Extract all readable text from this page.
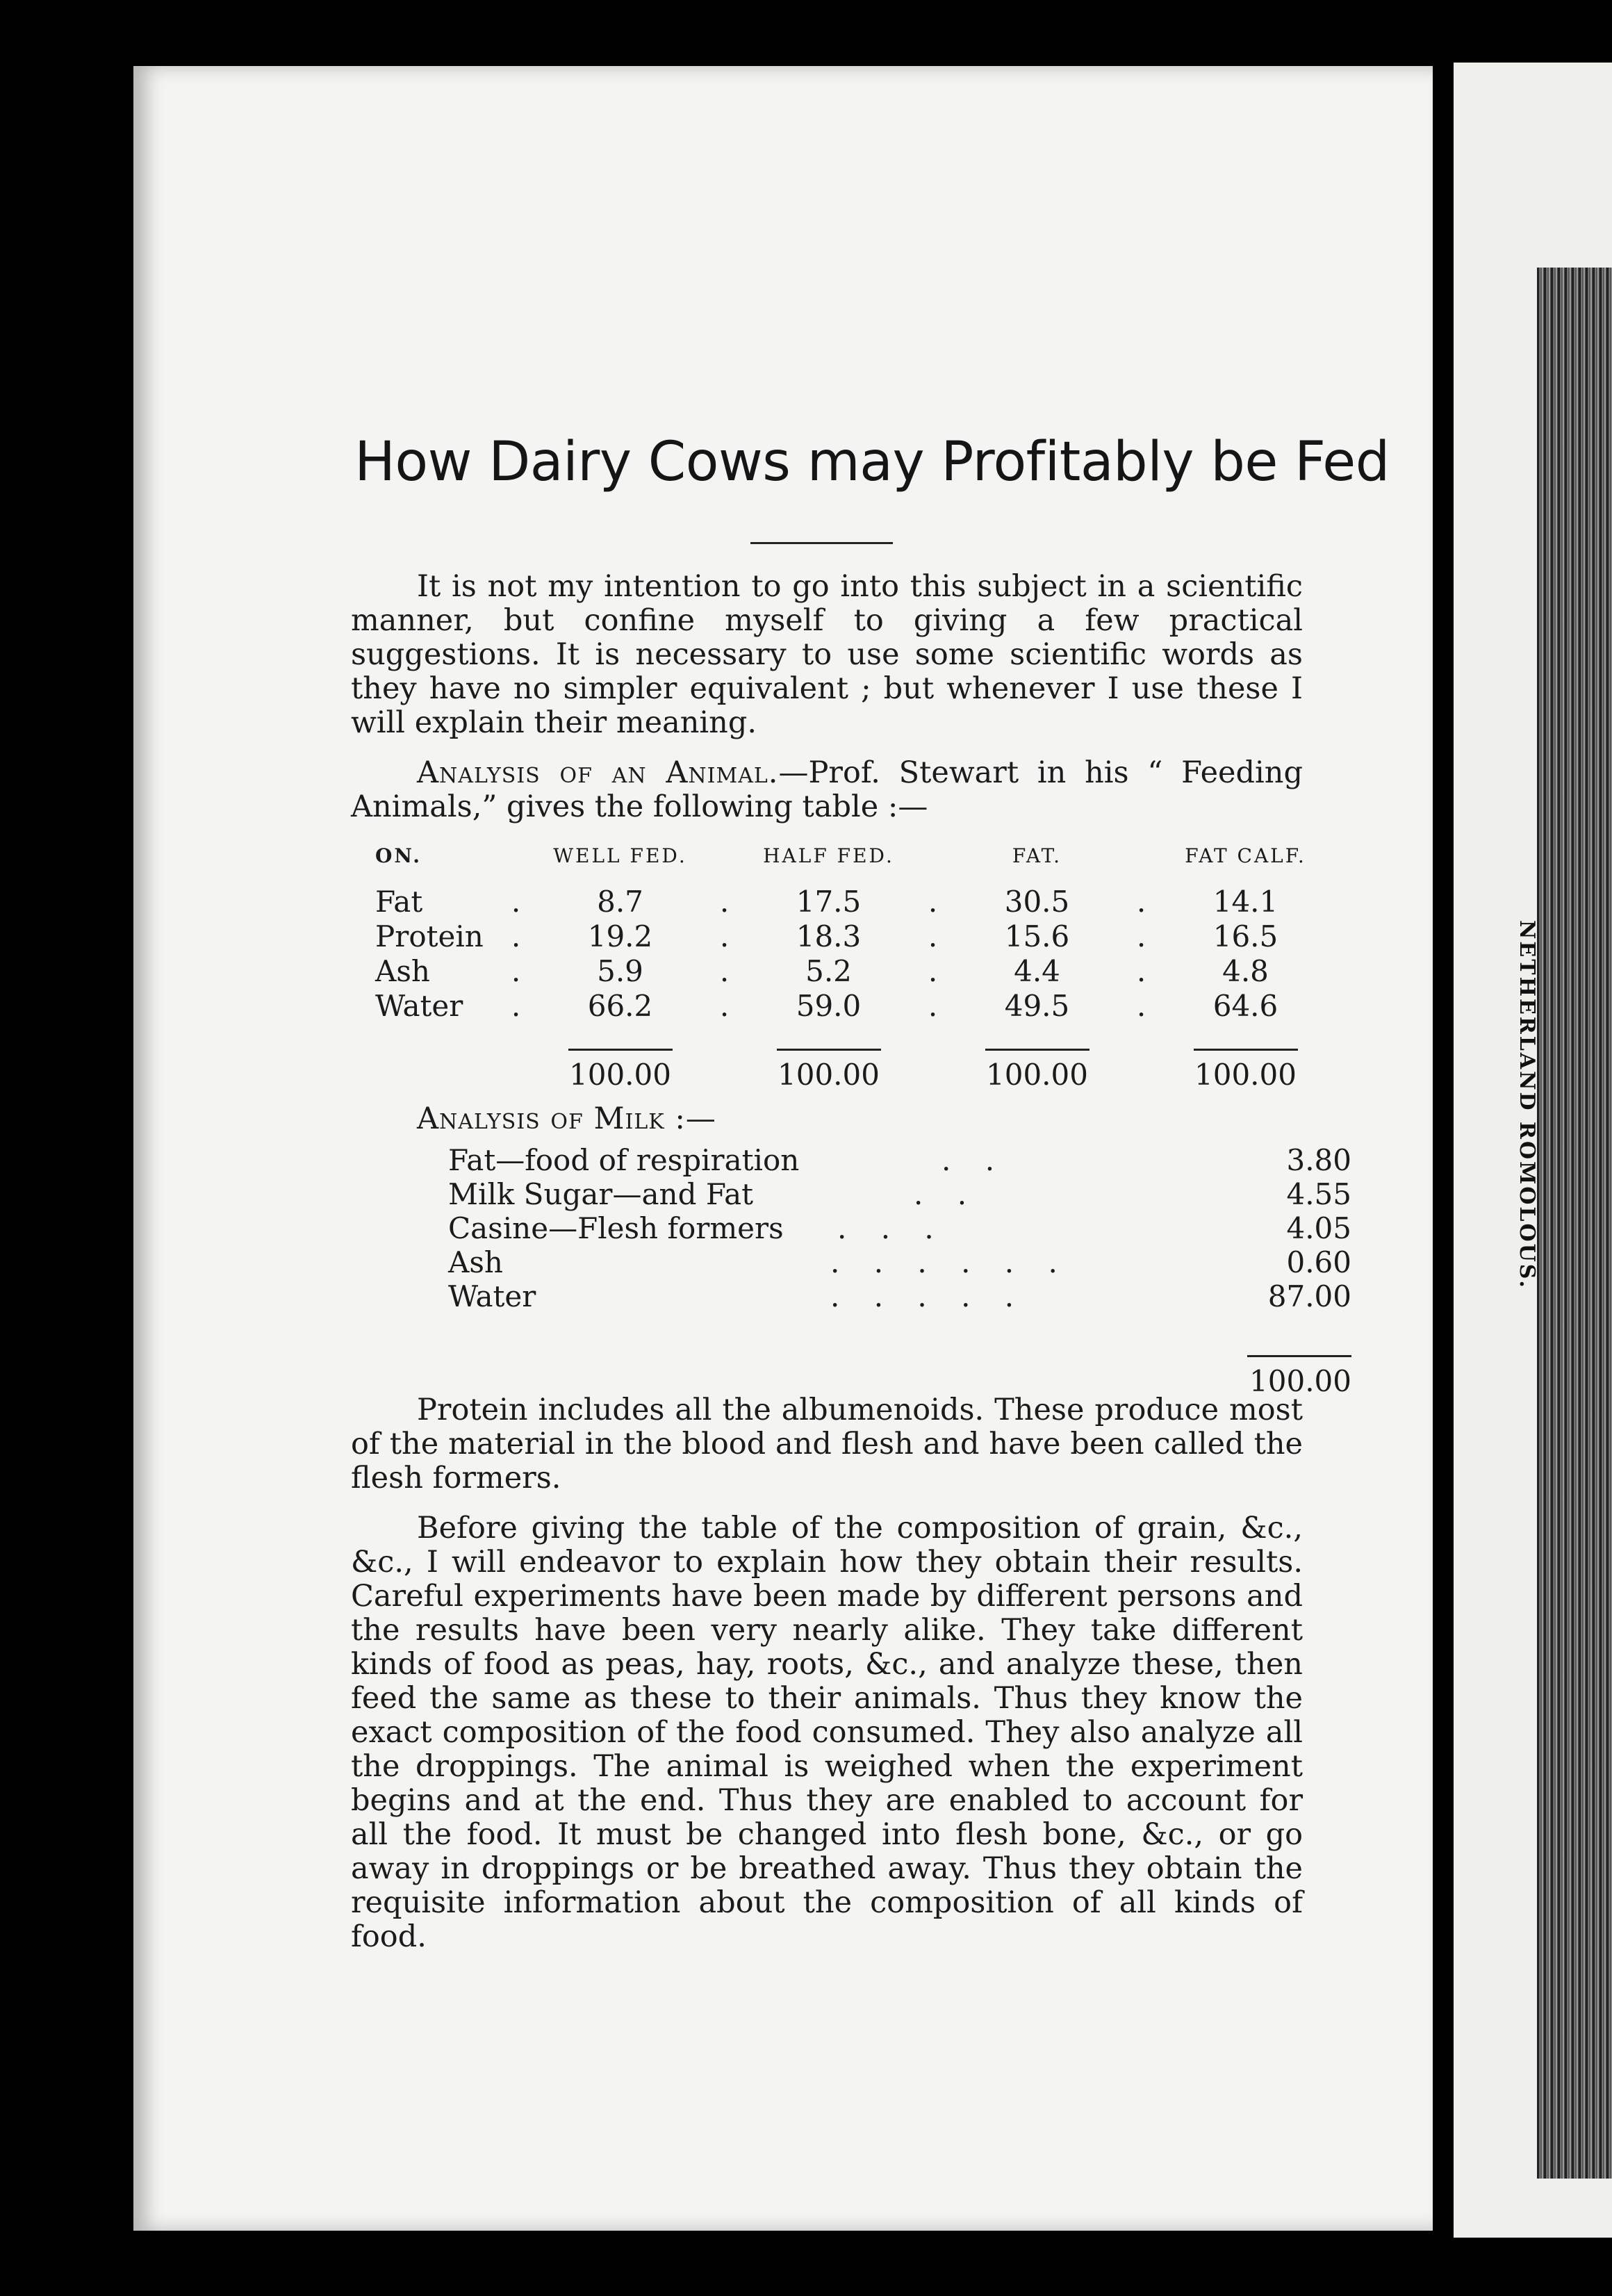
NETHERLAND ROMOLOUS.
How Dairy Cows may Profitably be Fed
It is not my intention to go into this subject in a scientific manner, but confine myself to giving a few practical suggestions. It is necessary to use some scientific words as they have no simpler equivalent ; but whenever I use these I will explain their meaning.
Analysis of an Animal.—Prof. Stewart in his “ Feeding Animals,” gives the following table :—
ON.		WELL FED.		HALF FED.		FAT.		FAT CALF.
Fat	.	8.7	.	17.5	.	30.5	.	14.1
Protein	.	19.2	.	18.3	.	15.6	.	16.5
Ash	.	5.9	.	5.2	.	4.4	.	4.8
Water	.	66.2	.	59.0	.	49.5	.	64.6

100.00		100.00		100.00		100.00
Analysis of Milk :—
Fat—food of respiration	. .	3.80
Milk Sugar—and Fat	. .	4.55
Casine—Flesh formers	. . .	4.05
Ash	. . . . . .	0.60
Water	. . . . .	87.00

100.00
Protein includes all the albumenoids. These produce most of the material in the blood and flesh and have been called the flesh formers.
Before giving the table of the composition of grain, &c., &c., I will endeavor to explain how they obtain their results. Careful experiments have been made by different persons and the results have been very nearly alike. They take different kinds of food as peas, hay, roots, &c., and analyze these, then feed the same as these to their animals. Thus they know the exact composition of the food consumed. They also analyze all the droppings. The animal is weighed when the experiment begins and at the end. Thus they are enabled to account for all the food. It must be changed into flesh bone, &c., or go away in droppings or be breathed away. Thus they obtain the requisite information about the composition of all kinds of food.
